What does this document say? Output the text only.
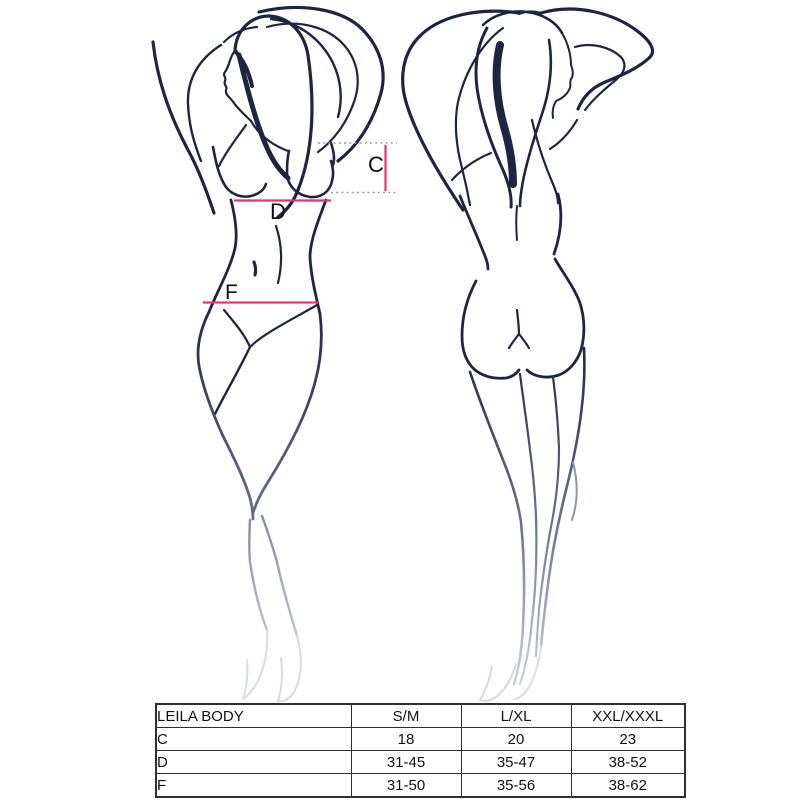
C
D
F
LEILA BODY	S/M	L/XL	XXL/XXXL
C	18	20	23
D	31-45	35-47	38-52
F	31-50	35-56	38-62
